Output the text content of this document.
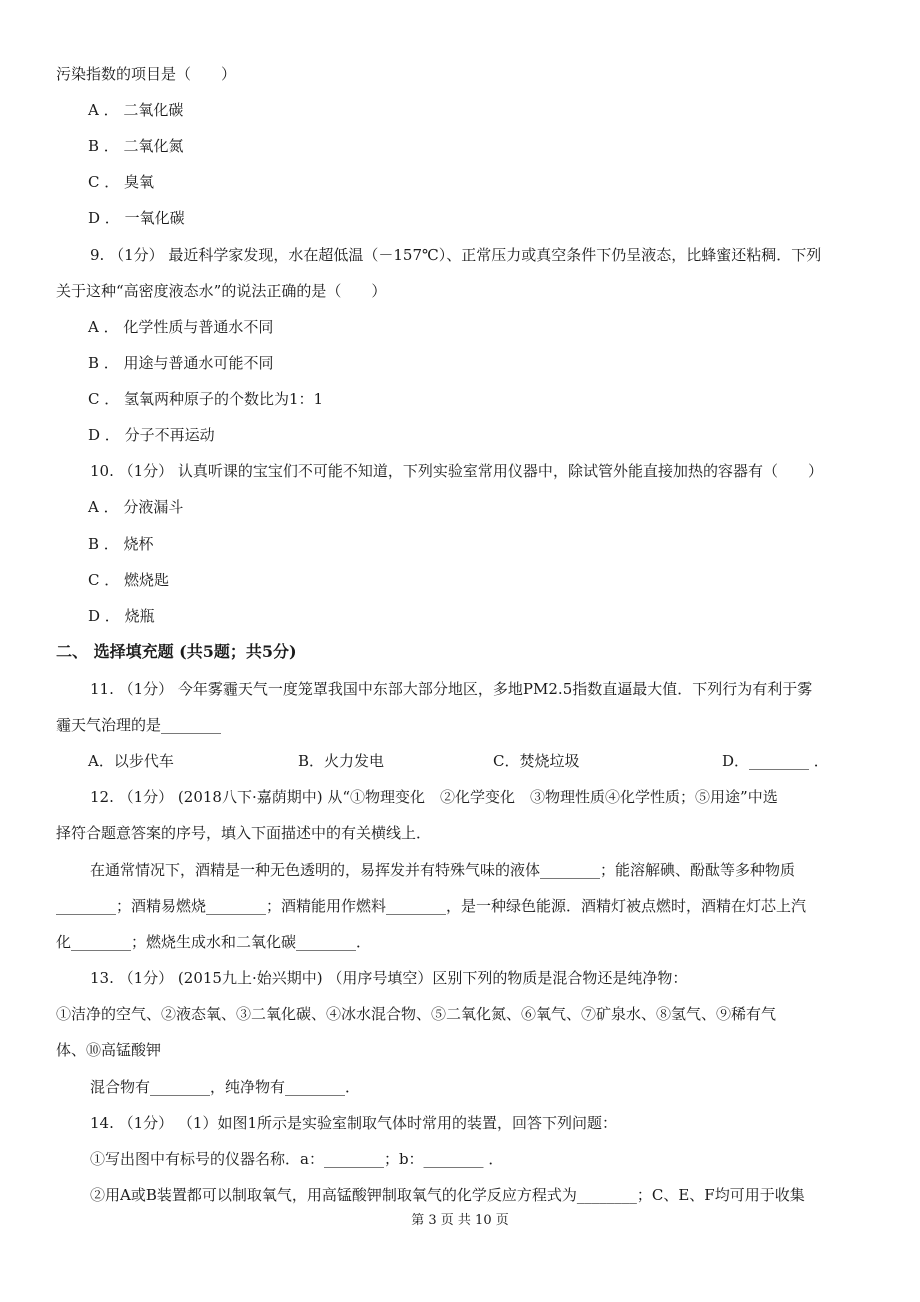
污染指数的项目是（　　）
A ． 二氧化碳
B ． 二氧化氮
C ． 臭氧
D ． 一氧化碳
9. （1分） 最近科学家发现，水在超低温（－157℃）、正常压力或真空条件下仍呈液态，比蜂蜜还粘稠．下列
关于这种“高密度液态水”的说法正确的是（　　）
A ． 化学性质与普通水不同
B ． 用途与普通水可能不同
C ． 氢氧两种原子的个数比为1：1
D ． 分子不再运动
10. （1分） 认真听课的宝宝们不可能不知道，下列实验室常用仪器中，除试管外能直接加热的容器有（　　）
A ． 分液漏斗
B ． 烧杯
C ． 燃烧匙
D ． 烧瓶
二、 选择填充题 (共5题；共5分)
11. （1分） 今年雾霾天气一度笼罩我国中东部大部分地区，多地PM2.5指数直逼最大值．下列行为有利于雾
霾天气治理的是________
A．以步代车	B．火力发电	C．焚烧垃圾	D．________ ．
12. （1分） (2018八下·嘉荫期中) 从“①物理变化　②化学变化　③物理性质④化学性质；⑤用途”中选
择符合题意答案的序号，填入下面描述中的有关横线上．
在通常情况下，酒精是一种无色透明的，易挥发并有特殊气味的液体________；能溶解碘、酚酞等多种物质
________；酒精易燃烧________；酒精能用作燃料________，是一种绿色能源．酒精灯被点燃时，酒精在灯芯上汽
化________；燃烧生成水和二氧化碳________．
13. （1分） (2015九上·始兴期中) （用序号填空）区别下列的物质是混合物还是纯净物：
①洁净的空气、②液态氧、③二氧化碳、④冰水混合物、⑤二氧化氮、⑥氧气、⑦矿泉水、⑧氢气、⑨稀有气
体、⑩高锰酸钾
混合物有________，纯净物有________．
14. （1分） （1）如图1所示是实验室制取气体时常用的装置，回答下列问题：
①写出图中有标号的仪器名称．a：________；b：________ ．
②用A或B装置都可以制取氧气，用高锰酸钾制取氧气的化学反应方程式为________；C、E、F均可用于收集
第 3 页 共 10 页
